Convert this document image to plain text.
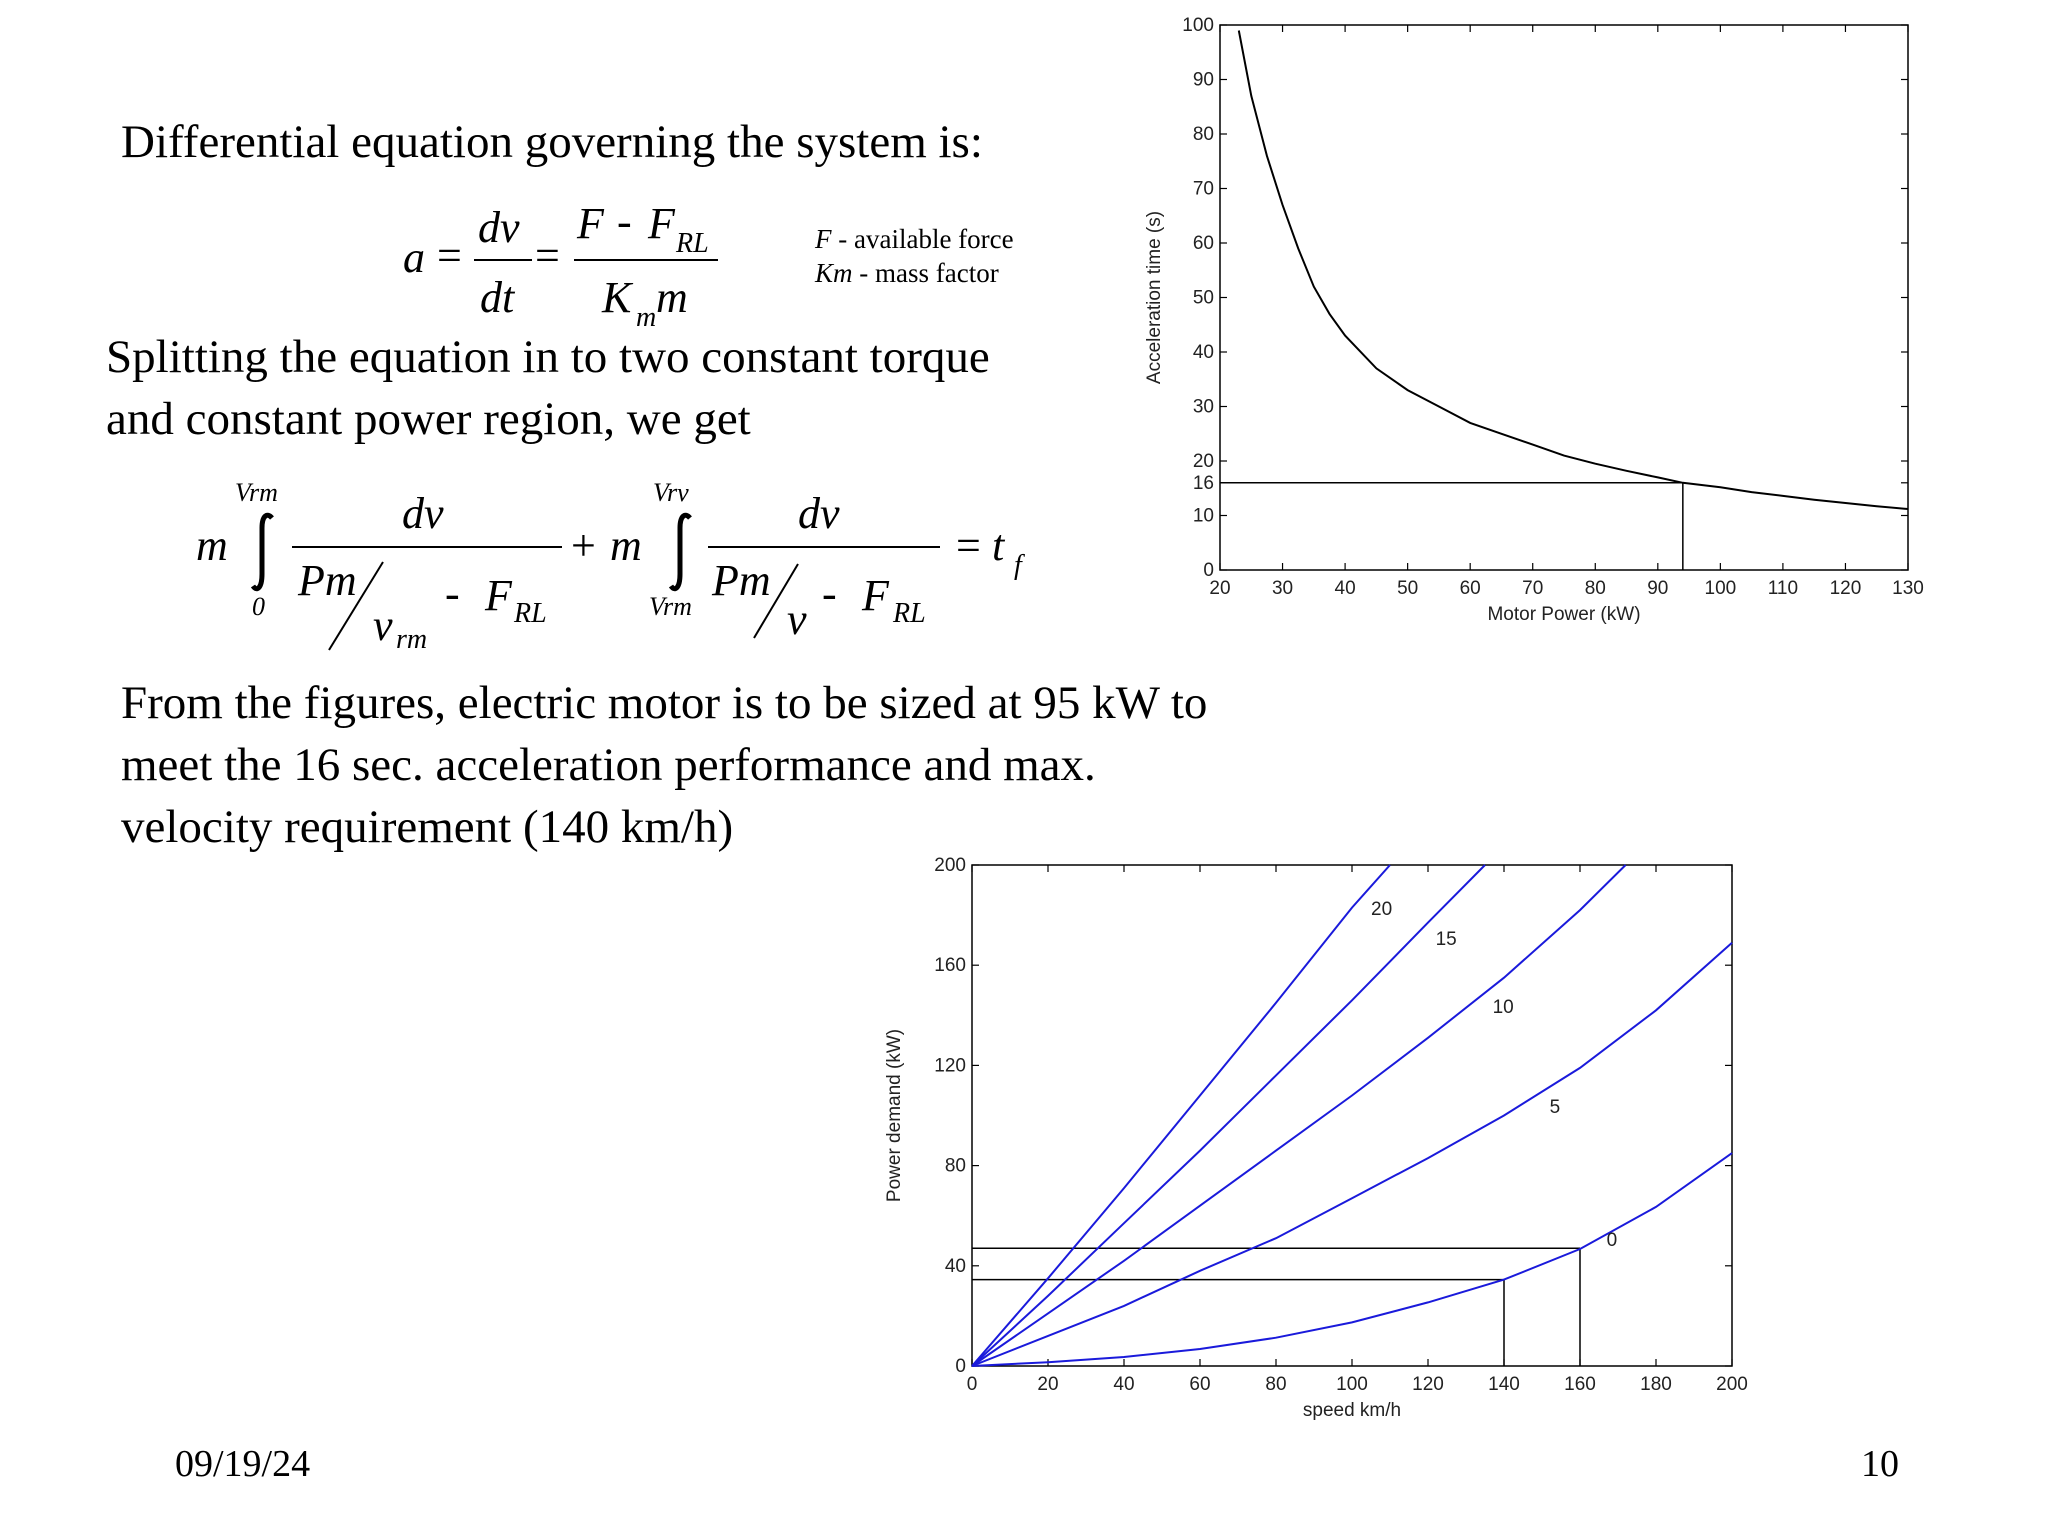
Differential equation governing the system is:
a =
dv
dt
=
F - F RL
K m m
F - available force
Km - mass factor
Splitting the equation in to two constant torque
and constant power region, we get
m
Vrm
0
dv
Pm
v rm
- F RL
+ m
Vrv
Vrm
dv
Pm
v
- F RL
= t f
From the figures, electric motor is to be sized at 95 kW to
meet the 16 sec. acceleration performance and max.
velocity requirement (140 km/h)
09/19/24	10
20 30 40 50 60 70 80 90 100 110 120 130
0
10
16
20
30
40
50
60
70
80
90
100
Motor Power (kW)
Acceleration time (s)
0	20	40	60	80	100 120 140 160 180 200
0
40
80
120
160
200
0
5
10
15
20
speed km/h
Power demand (kW)
